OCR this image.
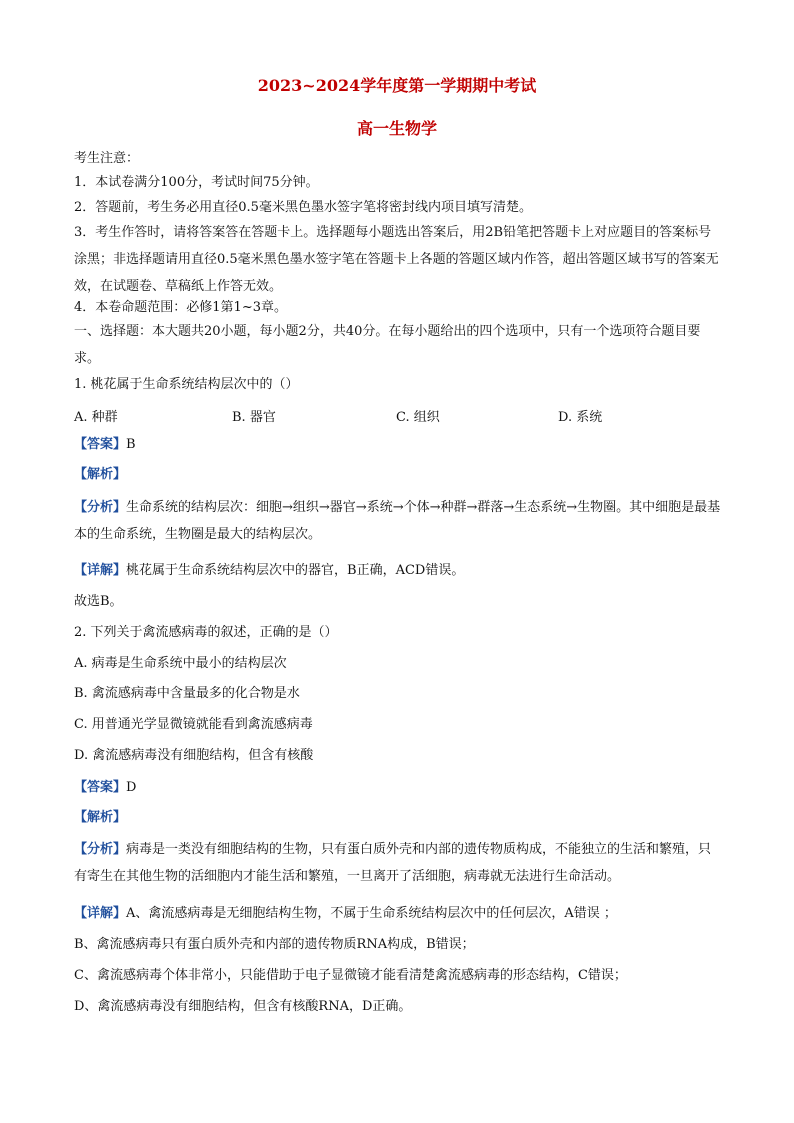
2023~2024学年度第一学期期中考试
高一生物学
考生注意：
1．本试卷满分100分，考试时间75分钟。
2．答题前，考生务必用直径0.5毫米黑色墨水签字笔将密封线内项目填写清楚。
3．考生作答时，请将答案答在答题卡上。选择题每小题选出答案后，用2B铅笔把答题卡上对应题目的答案标号涂黑；非选择题请用直径0.5毫米黑色墨水签字笔在答题卡上各题的答题区域内作答，超出答题区域书写的答案无效，在试题卷、草稿纸上作答无效。
4．本卷命题范围：必修1第1~3章。
一、选择题：本大题共20小题，每小题2分，共40分。在每小题给出的四个选项中，只有一个选项符合题目要求。
1. 桃花属于生命系统结构层次中的（）
A. 种群	B. 器官	C. 组织	D. 系统
【答案】B
【解析】
【分析】生命系统的结构层次：细胞→组织→器官→系统→个体→种群→群落→生态系统→生物圈。其中细胞是最基本的生命系统，生物圈是最大的结构层次。
【详解】桃花属于生命系统结构层次中的器官，B正确，ACD错误。
故选B。
2. 下列关于禽流感病毒的叙述，正确的是（）
A. 病毒是生命系统中最小的结构层次
B. 禽流感病毒中含量最多的化合物是水
C. 用普通光学显微镜就能看到禽流感病毒
D. 禽流感病毒没有细胞结构，但含有核酸
【答案】D
【解析】
【分析】病毒是一类没有细胞结构的生物，只有蛋白质外壳和内部的遗传物质构成，不能独立的生活和繁殖，只有寄生在其他生物的活细胞内才能生活和繁殖，一旦离开了活细胞，病毒就无法进行生命活动。
【详解】A、禽流感病毒是无细胞结构生物，不属于生命系统结构层次中的任何层次，A错误 ；
B、禽流感病毒只有蛋白质外壳和内部的遗传物质RNA构成，B错误；
C、禽流感病毒个体非常小，只能借助于电子显微镜才能看清楚禽流感病毒的形态结构，C错误；
D、禽流感病毒没有细胞结构，但含有核酸RNA，D正确。
